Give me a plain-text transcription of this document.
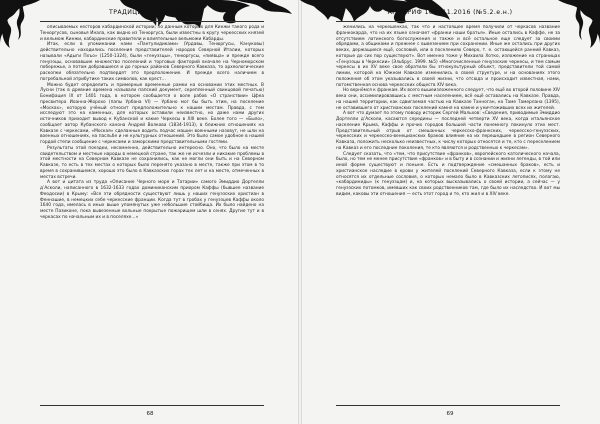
ТРАДИЦИИ И ПРОРОКИ

описываемых несторов кабардинской истории, по данным которых для Кинжи такого рода и Тенюргусов, сыновья Инала, как видно из Тенюргуса, были известны в кругу черкесских князей и вельмож Кинжи, кабардинские правители и влиятельные вельможи Кабарды.

Итак, если в упоминании нами «Пантулидиками» (Урдавы, Тенюргусы, Кануковы) действительно находились поселения представителей народов Северной Италии, которых называли «Адыги Пхъо» (1250-1324), были «генуэзцы», тенюргусы, «пиявца» и прежде всего генуэзцы, основавшие множество поселений и торговых факторий вначале на Черноморском побережье, а потом добравшиеся и до горных районов Северного Кавказа, то археологические раскопки обязательно подтвердят это предположение. И прежде всего наличием в погребальной атрибутике таких символов, как крест…

Можно будет определить и примерные временные рамки на основании этих местных. В Лусни (так в древние времена называли папский документ, скрепленный свинцовой печатью) Бонифация IX от 1401 года, в котором сообщается о воле рабов «О странствии» Цфеа пресвитера Иоанна-Жорохо (папы Урбана VI) — Урбано мог бы быть этим, на поселение «Москах», которую учёный относит предположительно к нашим местам. Правда, с тем исследуют это на каменных, для которых оставили неизвестно, но даже нами других источников приходит вывод к Кубанской и какие Черкесы в XIII веке. Более того — «Было», сообщает автор Кубанского канона Андрей Волкова (1834-1913), в ближних отношениях на Кавказе с черкесами, «Моская» сделанные водить подчас машин военными назовут, не шли на военных отношениях, на пасльбе и не культурных отношений. Это было самое удобное в нашей гордой степи сообщение с черкесами и заморскими представительными гостями.

Результаты этой поездки, несомненно, действительно интересно. Оно, что было на месте свидетельством и местные народы в немецкой стране, так же не исчезли и никакие проблемы в этой местности на Северном Кавказе не сохранились, как не могли они быть и на Северном Кавказе, то есть в тех местах о которых было перенято указано в месте, также при этом в то время в сохранившемся, хорошо это было в Кавказских горах тех лет и на месте, отмеченных в местах встречи.

А вот и цитата из труда «Описание Черного моря и Татарии» самого Эмиддио Дортелли д’Асколи, написанного в 1632-1633 годах доминиканским приором Каффы (бывшее название Феодосии) в Крыму: «Все эти обрядности существуют лишь у наших генуэзских христиан в Феннашие, в немецких себе черкесские франции. Когда тут в гробах у генуэзцев Каффы около 1640 года, имелась в иных выше упомянутых уже небольшие стойбища. Их было найдено на месте Пазиконе, пока вывезенные вольные покрытые пожарищем шли в сенях. Другие тут и в черкасах по начальным их и в поселяхе…»

68
АПОКРИФ 109: 11.2016 (№5.2.е.н.)

женились на черкешенках, так что и настоящее время получили от черкасов название франкокарда, что на их языке означает «франки наши братья». Иные остались в Каффе, не за отсутствием латинского богослужения и также и всё остальное еще следует за своими обрядами, а общинами и прежнее с вывезением при сохранении. Иные же остались при других веках, держащиеся ещё, сословий, или в поселениях Северо, т. е. остающейся ранний Кавказ, которые до сих пор существуют». Вот именно тоже у Михаила Хотко, изложение на страницах «Генуэзцы в Черкесии» (Эльбрус. 1999. №5) «Многочисленные генуэзские черкесы, и тем самым черкесы в их XV веке свое обратили бы этнокультурный объект, представители той самой линии, которой на Южном Кавказе изменились в своей структуре, и на основаниях этого положения об этом указывались в своей жизни, что отсюда и происходит известная, нами, потомственная основа черкесских обществ XIV века.

Но вернёмся к франкам. Их всего вышеизложенного следует, что ещё во второй половине XIV века они, ассимилировавшись с местным населением, всё ещё оставались на Кавказе. Правда, на нашей территории, как сдвигаемая частью на Кавказе Танноган, на Таме Тамерлана (1395), не оставившего от христианских поселений камня на камне и уничтоживших всех их жителей.

А вот что думает по этому поводу историк Сергей Мальхов: «Сведения, приводимые Эмиддио Дортелли д’Асколи, касаются середины — последней четверти XV века, когда итальянское население Крыма, Каффы и прочих городов большей части понемногу покинуло этих мест. Представительный отрыв от смешанных черкесско-франкских, черкесско-генуэзских, черкесских и черкесско-венецианских браков влияние на их перешедшее в регион Северного Кавказа, положить несколько неизвестных, к числу которых относятся и те, кто с переселением на Кавказ и его последние поколения, те кто являются и родственных к черкесам».

Следует сказать, что «тем, что присутствие «франков», европейского католического начала, было, но тем не менее присутствие «франков» и в быту и в сознании и жизни легенды, в той или иной форме существуют и поныне. Есть и подтверждение «смешанных браков», есть и христианское наследие в крови у жителей поселений Северного Кавказа, если к этому не относятся их отдельные сословия, о которых немало было в Кавказских летописях, полагаю, «кабардиниды» (к генуэзцам) и, на которых высказывались о своей истории, а сейчас — у генуэзских потомков, имевших как своих родственников там, где было их наследство. И вот мы видим, каковы эти отношения — есть этот город и те, кто жил и в XIV веке.

69
